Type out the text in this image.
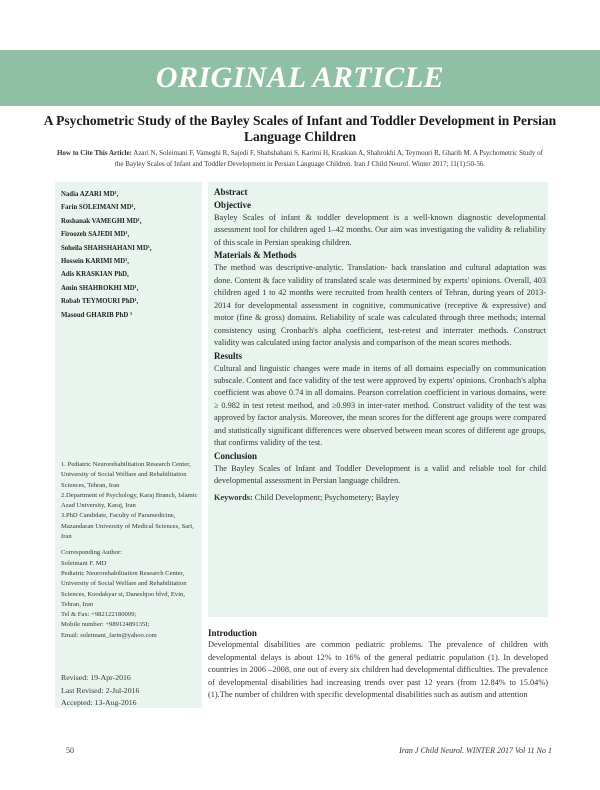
ORIGINAL ARTICLE
A Psychometric Study of the Bayley Scales of Infant and Toddler Development in Persian Language Children
How to Cite This Article: Azari N, Soleimani F, Vameghi R, Sajedi F, Shahshahani S, Karimi H, Kraskian A, Shahrokhi A, Teymouri R, Gharib M. A Psychometric Study of the Bayley Scales of Infant and Toddler Development in Persian Language Children. Iran J Child Neurol. Winter 2017; 11(1):50-56.
Nadia AZARI MD¹,
Farin SOLEIMANI MD¹,
Roshanak VAMEGHI MD¹,
Firoozeh SAJEDI MD¹,
Soheila SHAHSHAHANI MD¹,
Hossein KARIMI MD¹,
Adis KRASKIAN PhD,
Amin SHAHROKHI MD¹,
Robab TEYMOURI PhD¹,
Masoud GHARIB PhD ³
1. Pediatric Neurorehabilitation Research Center, University of Social Welfare and Rehabilitation Sciences, Tehran, Iran
2.Department of Psychology, Karaj Branch, Islamic Azad University, Karaj, Iran
3.PhD Candidate, Faculty of Paramedicine, Mazandaran University of Medical Sciences, Sari, Iran
Corresponding Author:
Soleimani F. MD
Pediatric Neurorehabilitation Research Center, University of Social Welfare and Rehabilitation Sciences, Koodakyar st, Daneshjoo blvd, Evin, Tehran, Iran
Tel & Fax: +982122180099;
Mobile number: +98912489135I;
Email: soleimani_farin@yahoo.com
Revised: 19-Apr-2016
Last Revised: 2-Jul-2016
Accepted: 13-Aug-2016

Abstract

Objective

Bayley Scales of infant & toddler development is a well-known diagnostic developmental assessment tool for children aged 1–42 months. Our aim was investigating the validity & reliability of this scale in Persian speaking children.

Materials & Methods

The method was descriptive-analytic. Translation- back translation and cultural adaptation was done. Content & face validity of translated scale was determined by experts' opinions. Overall, 403 children aged 1 to 42 months were recruited from health centers of Tehran, during years of 2013-2014 for developmental assessment in cognitive, communicative (receptive & expressive) and motor (fine & gross) domains. Reliability of scale was calculated through three methods; internal consistency using Cronbach's alpha coefficient, test-retest and interrater methods. Construct validity was calculated using factor analysis and comparison of the mean scores methods.

Results

Cultural and linguistic changes were made in items of all domains especially on communication subscale. Content and face validity of the test were approved by experts' opinions. Cronbach's alpha coefficient was above 0.74 in all domains. Pearson correlation coefficient in various domains, were ≥ 0.982 in test retest method, and ≥0.993 in inter-rater method. Construct validity of the test was approved by factor analysis. Moreover, the mean scores for the different age groups were compared and statistically significant differences were observed between mean scores of different age groups, that confirms validity of the test.

Conclusion

The Bayley Scales of Infant and Toddler Development is a valid and reliable tool for child developmental assessment in Persian language children.

Keywords: Child Development; Psychometery; Bayley

Introduction

Developmental disabilities are common pediatric problems. The prevalence of children with developmental delays is about 12% to 16% of the general pediatric population (1). In developed countries in 2006 –2008, one out of every six children had developmental difficulties. The prevalence of developmental disabilities had increasing trends over past 12 years (from 12.84% to 15.04%) (1).The number of children with specific developmental disabilities such as autism and attention

50	Iran J Child Neurol. WINTER 2017 Vol 11 No 1
